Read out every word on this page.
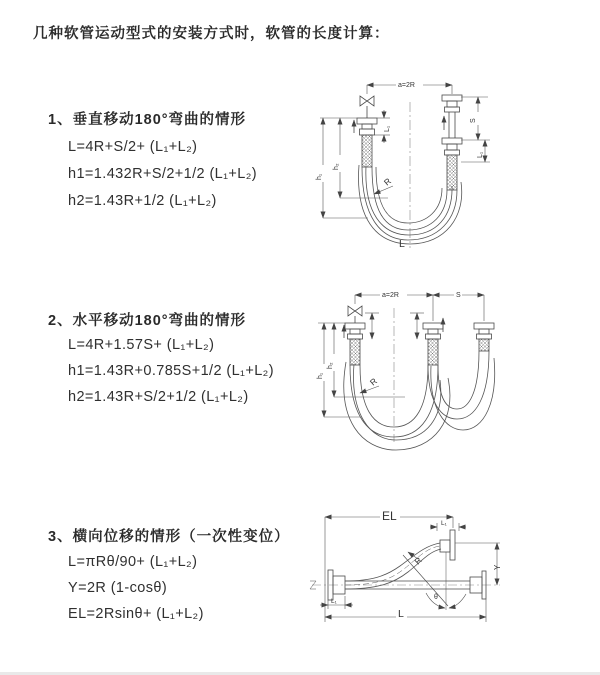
几种软管运动型式的安装方式时，软管的长度计算：
1、垂直移动180°弯曲的情形
L=4R+S/2+ (L₁+L₂)
h1=1.432R+S/2+1/2 (L₁+L₂)
h2=1.43R+1/2 (L₁+L₂)
2、水平移动180°弯曲的情形
L=4R+1.57S+ (L₁+L₂)
h1=1.43R+0.785S+1/2 (L₁+L₂)
h2=1.43R+S/2+1/2 (L₁+L₂)
3、横向位移的情形（一次性变位）
L=πRθ/90+ (L₁+L₂)
Y=2R (1-cosθ)
EL=2Rsinθ+ (L₁+L₂)
a=2R
S
L₁
L₁
h₁
h₂
R
L
a=2R	S
h₁
h₂
R
EL
L₁
Y
R
θ
L
L₁
